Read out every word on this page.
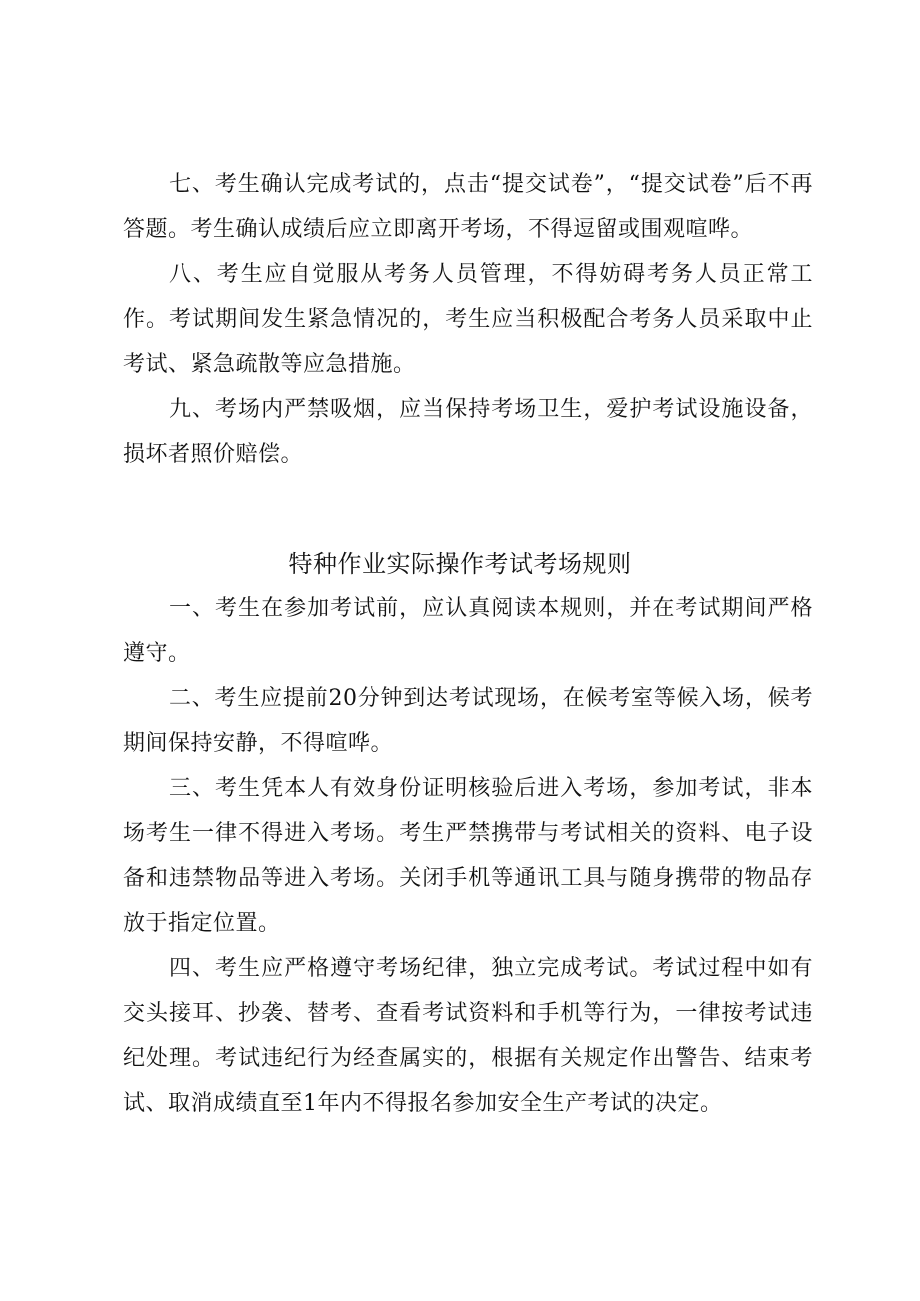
七、考生确认完成考试的，点击“提交试卷”，“提交试卷”后不再答题。考生确认成绩后应立即离开考场，不得逗留或围观喧哗。

八、考生应自觉服从考务人员管理，不得妨碍考务人员正常工作。考试期间发生紧急情况的，考生应当积极配合考务人员采取中止考试、紧急疏散等应急措施。

九、考场内严禁吸烟，应当保持考场卫生，爱护考试设施设备，损坏者照价赔偿。

特种作业实际操作考试考场规则

一、考生在参加考试前，应认真阅读本规则，并在考试期间严格遵守。

二、考生应提前20分钟到达考试现场，在候考室等候入场，候考期间保持安静，不得喧哗。

三、考生凭本人有效身份证明核验后进入考场，参加考试，非本场考生一律不得进入考场。考生严禁携带与考试相关的资料、电子设备和违禁物品等进入考场。关闭手机等通讯工具与随身携带的物品存放于指定位置。

四、考生应严格遵守考场纪律，独立完成考试。考试过程中如有交头接耳、抄袭、替考、查看考试资料和手机等行为，一律按考试违纪处理。考试违纪行为经查属实的，根据有关规定作出警告、结束考试、取消成绩直至1年内不得报名参加安全生产考试的决定。
